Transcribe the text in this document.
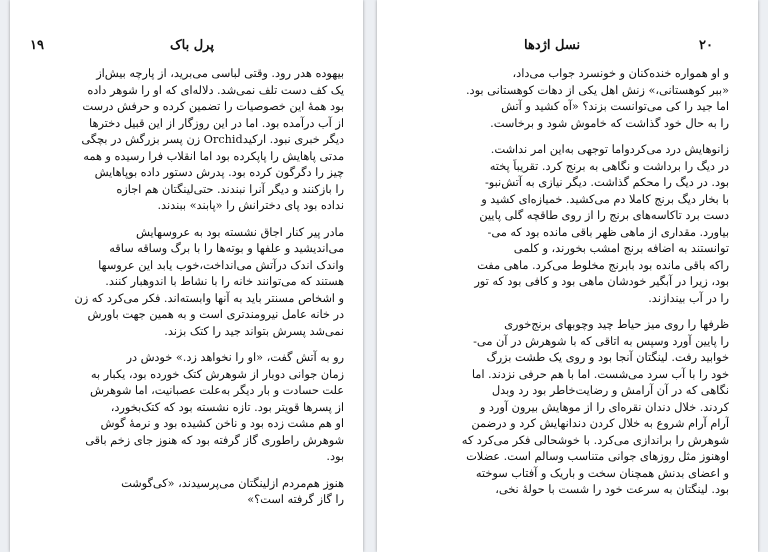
۱۹	پرل باک

بیهوده هدر رود. وقتی لباسی می‌برید، از پارچه بیش‌از
یک کف دست تلف نمی‌شد. دلاله‌ای که او را شوهر داده
بود همهٔ این خصوصیات را تضمین کرده و حرفش درست
از آب درآمده بود. اما در این روزگار از این قبیل دخترها
دیگر خبری نبود. ارکیدOrchid زن پسر بزرگش در بچگی
مدتی پاهایش را پاپکرده بود اما انقلاب فرا رسیده و همه
چیز را دگرگون کرده بود. پدرش دستور داده بوپاهایش
را بازکنند و دیگر آنرا نبندند. حتی‌لینگتان هم اجازه
نداده بود پای دخترانش را «پابند» ببندند.

مادر پیر کنار اجاق نشسته بود به عروسهایش
می‌اندیشید و علفها و بوته‌ها را با برگ وساقه ساقه
واندک اندک درآتش می‌انداخت،خوب یابد این عروسها
هستند که می‌توانند خانه را با نشاط با اندوهبار کنند.
و اشخاص مسنتر باید به آنها وابسته‌اند. فکر می‌کرد که زن
در خانه عامل نیرومندتری است و به همین جهت باورش
نمی‌شد پسرش بتواند جید را کتک بزند.

رو به آتش گفت، «او را نخواهد زد.» خودش در
زمان جوانی دوبار از شوهرش کتک خورده بود، یکبار به
علت حسادت و بار دیگر به‌علت عصبانیت، اما شوهرش
از پسرها قویتر بود. تازه نشسته بود که کتک‌بخورد،
او هم مشت زده بود و ناخن کشیده بود و نرمهٔ گوش
شوهرش راطوری گاز گرفته بود که هنوز جای زخم باقی
بود.

هنوز هم‌مردم ازلینگتان می‌پرسیدند، «کی‌گوشت
را گاز گرفته است؟»

نسل اژدها	۲۰

و او همواره خنده‌کنان و خونسرد جواب می‌داد،
«ببر کوهستانی،» زنش اهل یکی از دهات کوهستانی بود.
اما جید را کی می‌توانست بزند؟ «آه کشید و آتش
را به حال خود گذاشت که خاموش شود و برخاست.

زانوهایش درد می‌کردواما توجهی به‌این امر نداشت.
در دیگ را برداشت و نگاهی به برنج کرد. تقریباً پخته
بود. در دیگ را محکم گذاشت. دیگر نیازی به آتش‌نبو-
با بخار دیگ برنج کاملا دم می‌کشید. خمیازه‌ای کشید و
دست برد تاکاسه‌های برنج را از روی طاقچه گلی پایین
بیاورد. مقداری از ماهی ظهر باقی مانده بود که می-
توانستند به اضافه برنج امشب بخورند، و کلمی
راکه باقی مانده بود بابرنج مخلوط می‌کرد. ماهی مفت
بود، زیرا در آبگیر خودشان ماهی بود و کافی بود که تور
را در آب بیندازند.

ظرفها را روی میز حیاط چید وچوبهای برنج‌خوری
را پایین آورد وسپس به اتاقی که با شوهرش در آن می-
خوابید رفت. لینگتان آنجا بود و روی یک طشت بزرگ
خود را با آب سرد می‌شست. اما با هم حرفی نزدند. اما
نگاهی که در آن آرامش و رضایت‌خاطر بود رد وبدل
کردند. خلال دندان نقره‌ای را از موهایش بیرون آورد و
آرام آرام شروع به خلال کردن دندانهایش کرد و درضمن
شوهرش را براندازی می‌کرد. با خوشحالی فکر می‌کرد که
اوهنوز مثل روزهای جوانی متناسب وسالم است. عضلات
و اعضای بدنش همچنان سخت و باریک و آفتاب سوخته
بود. لینگتان به سرعت خود را شست با حولهٔ نخی،
